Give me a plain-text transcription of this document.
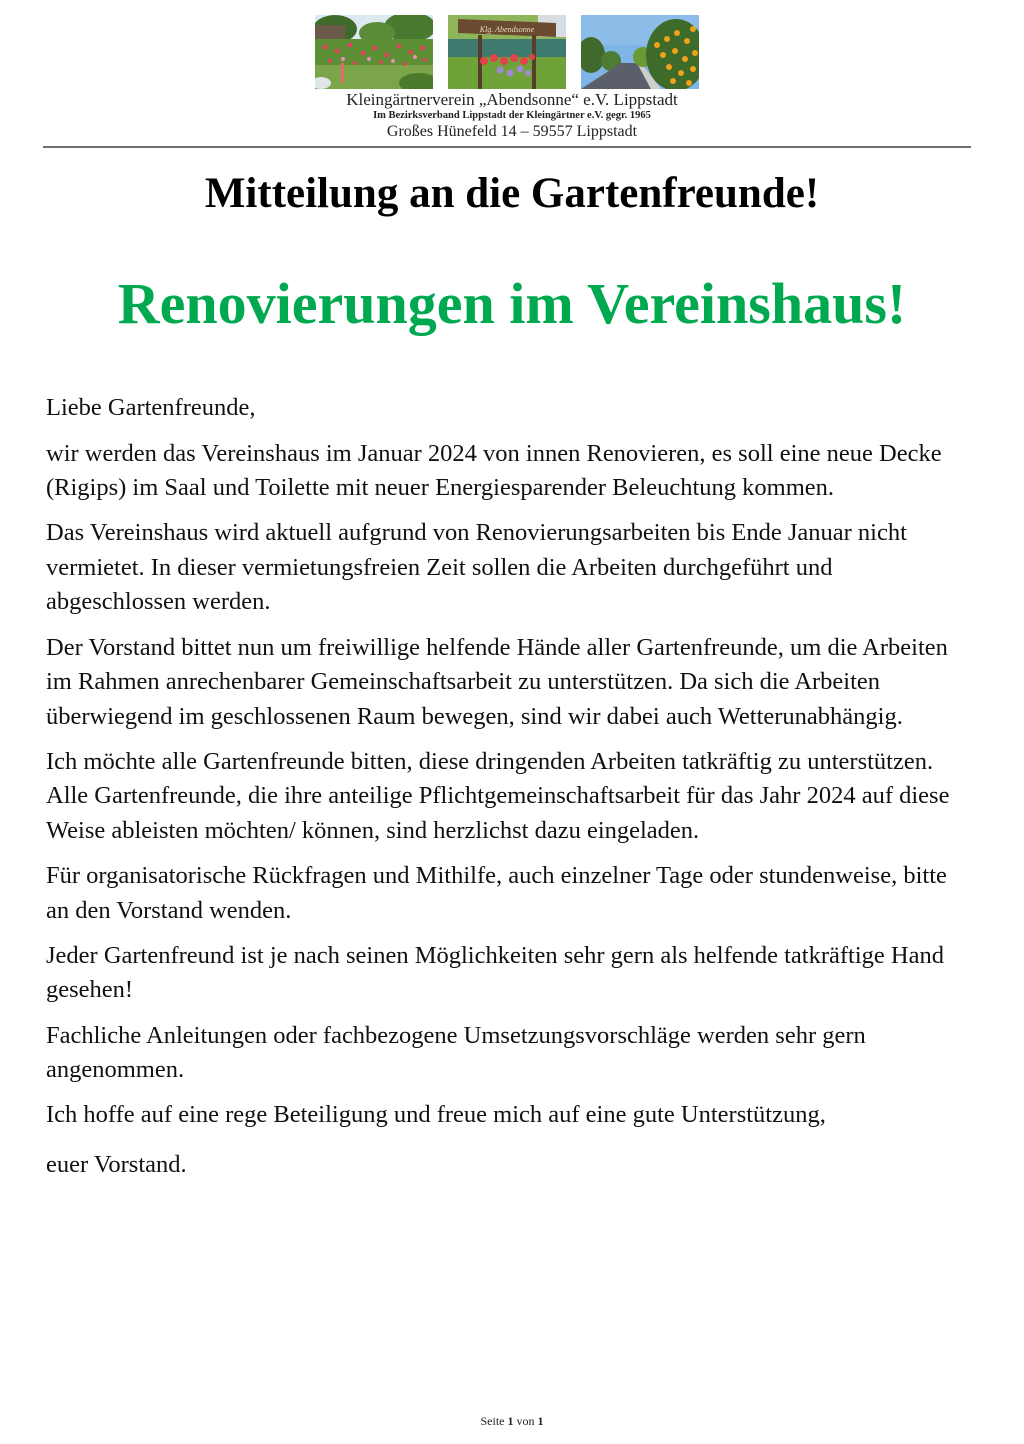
Klg. Abendsonne
Kleingärtnerverein „Abendsonne“ e.V. Lippstadt
Im Bezirksverband Lippstadt der Kleingärtner e.V. gegr. 1965
Großes Hünefeld 14 – 59557 Lippstadt
Mitteilung an die Gartenfreunde!
Renovierungen im Vereinshaus!

Liebe Gartenfreunde,

wir werden das Vereinshaus im Januar 2024 von innen Renovieren, es soll eine neue Decke (Rigips) im Saal und Toilette mit neuer Energiesparender Beleuchtung kommen.

Das Vereinshaus wird aktuell aufgrund von Renovierungsarbeiten bis Ende Januar nicht vermietet. In dieser vermietungsfreien Zeit sollen die Arbeiten durchgeführt und abgeschlossen werden.

Der Vorstand bittet nun um freiwillige helfende Hände aller Gartenfreunde, um die Arbeiten im Rahmen anrechenbarer Gemeinschaftsarbeit zu unterstützen. Da sich die Arbeiten überwiegend im geschlossenen Raum bewegen, sind wir dabei auch Wetterunabhängig.

Ich möchte alle Gartenfreunde bitten, diese dringenden Arbeiten tatkräftig zu unterstützen. Alle Gartenfreunde, die ihre anteilige Pflichtgemeinschaftsarbeit für das Jahr 2024 auf diese Weise ableisten möchten/ können, sind herzlichst dazu eingeladen.

Für organisatorische Rückfragen und Mithilfe, auch einzelner Tage oder stundenweise, bitte an den Vorstand wenden.

Jeder Gartenfreund ist je nach seinen Möglichkeiten sehr gern als helfende tatkräftige Hand gesehen!

Fachliche Anleitungen oder fachbezogene Umsetzungsvorschläge werden sehr gern angenommen.

Ich hoffe auf eine rege Beteiligung und freue mich auf eine gute Unterstützung,

euer Vorstand.

Seite 1 von 1
